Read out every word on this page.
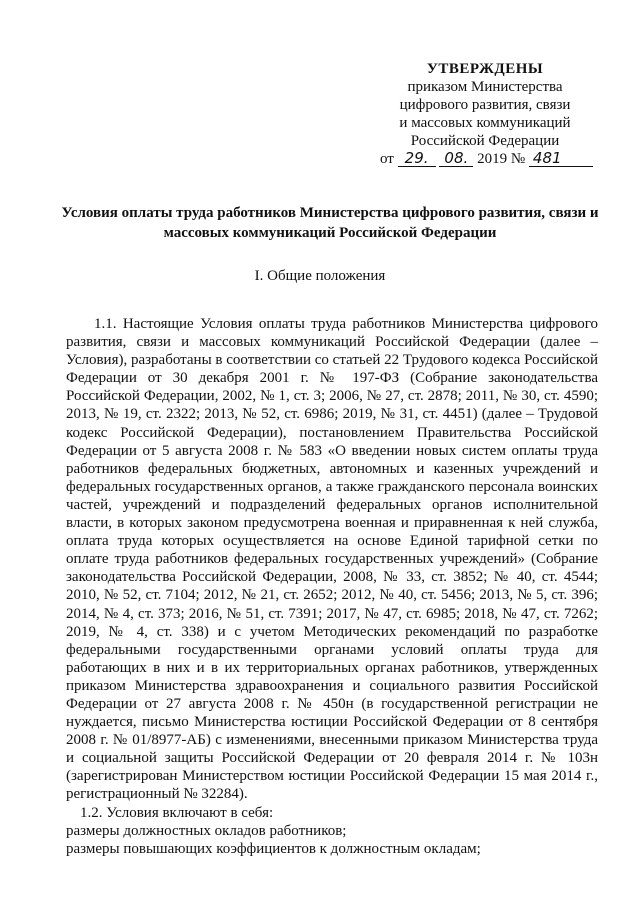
УТВЕРЖДЕНЫ
приказом Министерства
цифрового развития, связи
и массовых коммуникаций
Российской Федерации
от 29. 08. 2019 № 481
Условия оплаты труда работников Министерства цифрового развития, связи и массовых коммуникаций Российской Федерации
I. Общие положения

1.1. Настоящие Условия оплаты труда работников Министерства цифрового развития, связи и массовых коммуникаций Российской Федерации (далее – Условия), разработаны в соответствии со статьей 22 Трудового кодекса Российской Федерации от 30 декабря 2001 г. № 197-ФЗ (Собрание законодательства Российской Федерации, 2002, № 1, ст. 3; 2006, № 27, ст. 2878; 2011, № 30, ст. 4590; 2013, № 19, ст. 2322; 2013, № 52, ст. 6986; 2019, № 31, ст. 4451) (далее – Трудовой кодекс Российской Федерации), постановлением Правительства Российской Федерации от 5 августа 2008 г. № 583 «О введении новых систем оплаты труда работников федеральных бюджетных, автономных и казенных учреждений и федеральных государственных органов, а также гражданского персонала воинских частей, учреждений и подразделений федеральных органов исполнительной власти, в которых законом предусмотрена военная и приравненная к ней служба, оплата труда которых осуществляется на основе Единой тарифной сетки по оплате труда работников федеральных государственных учреждений» (Собрание законодательства Российской Федерации, 2008, № 33, ст. 3852; № 40, ст. 4544; 2010, № 52, ст. 7104; 2012, № 21, ст. 2652; 2012, № 40, ст. 5456; 2013, № 5, ст. 396; 2014, № 4, ст. 373; 2016, № 51, ст. 7391; 2017, № 47, ст. 6985; 2018, № 47, ст. 7262; 2019, № 4, ст. 338) и с учетом Методических рекомендаций по разработке федеральными государственными органами условий оплаты труда для работающих в них и в их территориальных органах работников, утвержденных приказом Министерства здравоохранения и социального развития Российской Федерации от 27 августа 2008 г. № 450н (в государственной регистрации не нуждается, письмо Министерства юстиции Российской Федерации от 8 сентября 2008 г. № 01/8977-АБ) с изменениями, внесенными приказом Министерства труда и социальной защиты Российской Федерации от 20 февраля 2014 г. № 103н (зарегистрирован Министерством юстиции Российской Федерации 15 мая 2014 г., регистрационный № 32284).

1.2. Условия включают в себя:

размеры должностных окладов работников;

размеры повышающих коэффициентов к должностным окладам;
